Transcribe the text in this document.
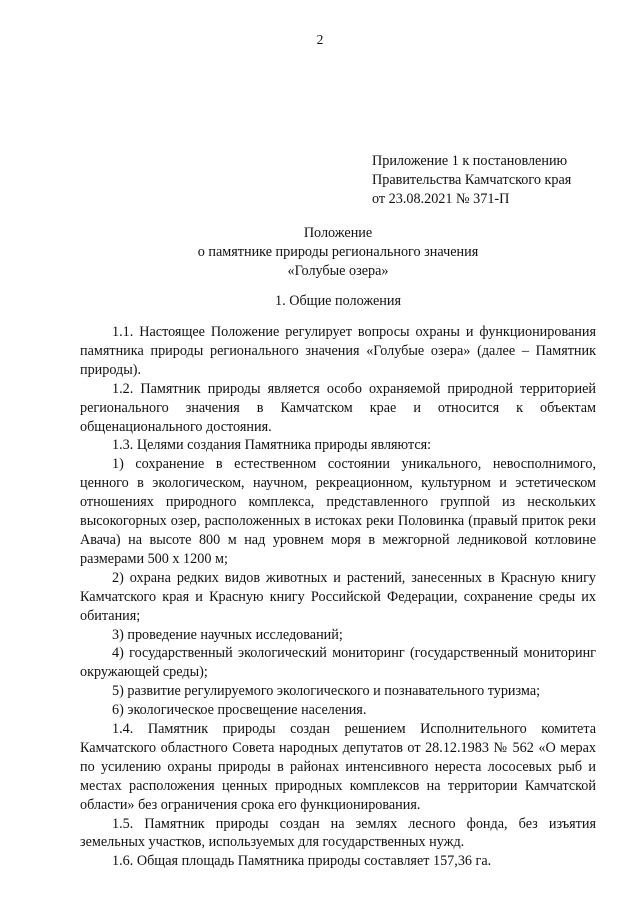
2
Приложение 1 к постановлению
Правительства Камчатского края
от 23.08.2021 № 371-П
Положение
о памятнике природы регионального значения
«Голубые озера»
1. Общие положения

1.1. Настоящее Положение регулирует вопросы охраны и функционирования памятника природы регионального значения «Голубые озера» (далее – Памятник природы).

1.2. Памятник природы является особо охраняемой природной территорией регионального значения в Камчатском крае и относится к объектам общенационального достояния.

1.3. Целями создания Памятника природы являются:

1) сохранение в естественном состоянии уникального, невосполнимого, ценного в экологическом, научном, рекреационном, культурном и эстетическом отношениях природного комплекса, представленного группой из нескольких высокогорных озер, расположенных в истоках реки Половинка (правый приток реки Авача) на высоте 800 м над уровнем моря в межгорной ледниковой котловине размерами 500 х 1200 м;

2) охрана редких видов животных и растений, занесенных в Красную книгу Камчатского края и Красную книгу Российской Федерации, сохранение среды их обитания;

3) проведение научных исследований;

4) государственный экологический мониторинг (государственный мониторинг окружающей среды);

5) развитие регулируемого экологического и познавательного туризма;

6) экологическое просвещение населения.

1.4. Памятник природы создан решением Исполнительного комитета Камчатского областного Совета народных депутатов от 28.12.1983 № 562 «О мерах по усилению охраны природы в районах интенсивного нереста лососевых рыб и местах расположения ценных природных комплексов на территории Камчатской области» без ограничения срока его функционирования.

1.5. Памятник природы создан на землях лесного фонда, без изъятия земельных участков, используемых для государственных нужд.

1.6. Общая площадь Памятника природы составляет 157,36 га.
